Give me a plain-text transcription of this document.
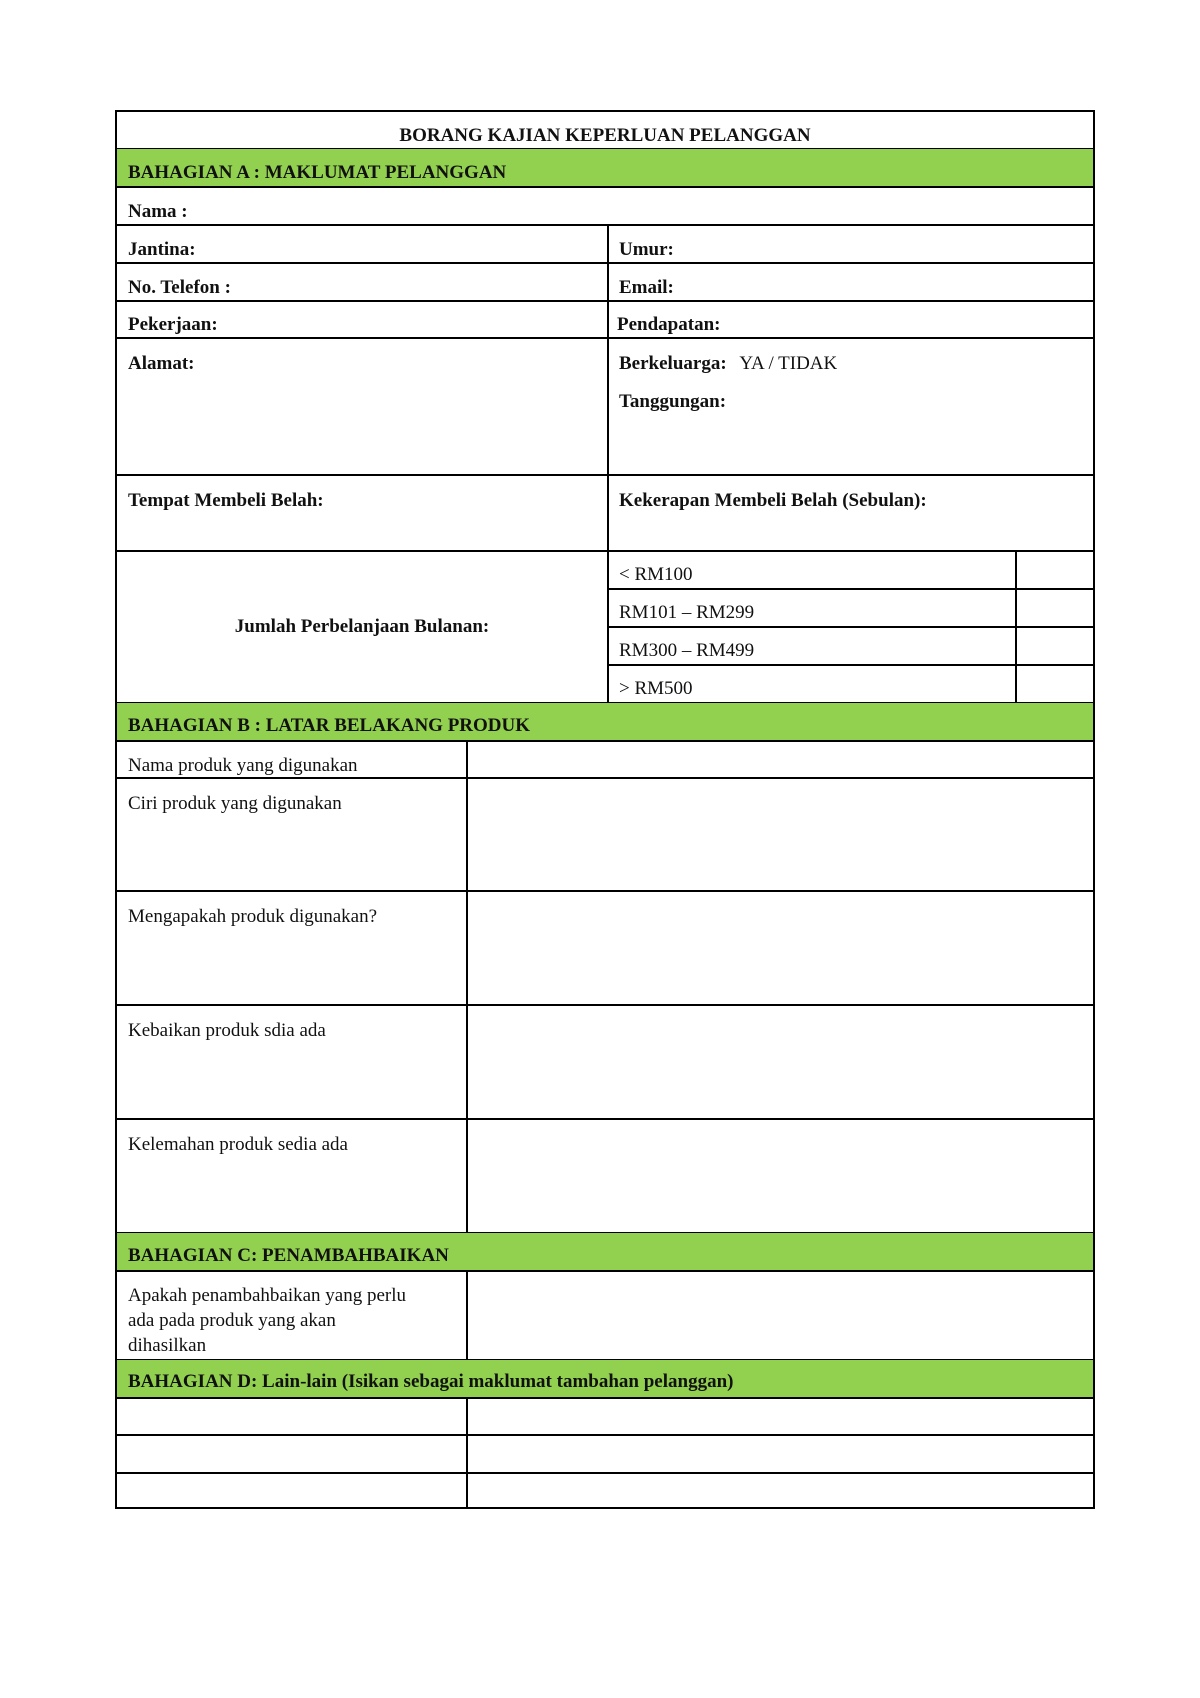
BORANG KAJIAN KEPERLUAN PELANGGAN
BAHAGIAN A : MAKLUMAT PELANGGAN
Nama :
Jantina:	Umur:
No. Telefon :	Email:
Pekerjaan:	Pendapatan:
Alamat:	Berkeluarga: YA / TIDAK
Tanggungan:
Tempat Membeli Belah:	Kekerapan Membeli Belah (Sebulan):
Jumlah Perbelanjaan Bulanan:
< RM100
RM101 – RM299
RM300 – RM499
> RM500
BAHAGIAN B : LATAR BELAKANG PRODUK
Nama produk yang digunakan
Ciri produk yang digunakan
Mengapakah produk digunakan?
Kebaikan produk sdia ada
Kelemahan produk sedia ada
BAHAGIAN C: PENAMBAHBAIKAN
Apakah penambahbaikan yang perlu
ada pada produk yang akan
dihasilkan
BAHAGIAN D: Lain-lain (Isikan sebagai maklumat tambahan pelanggan)
